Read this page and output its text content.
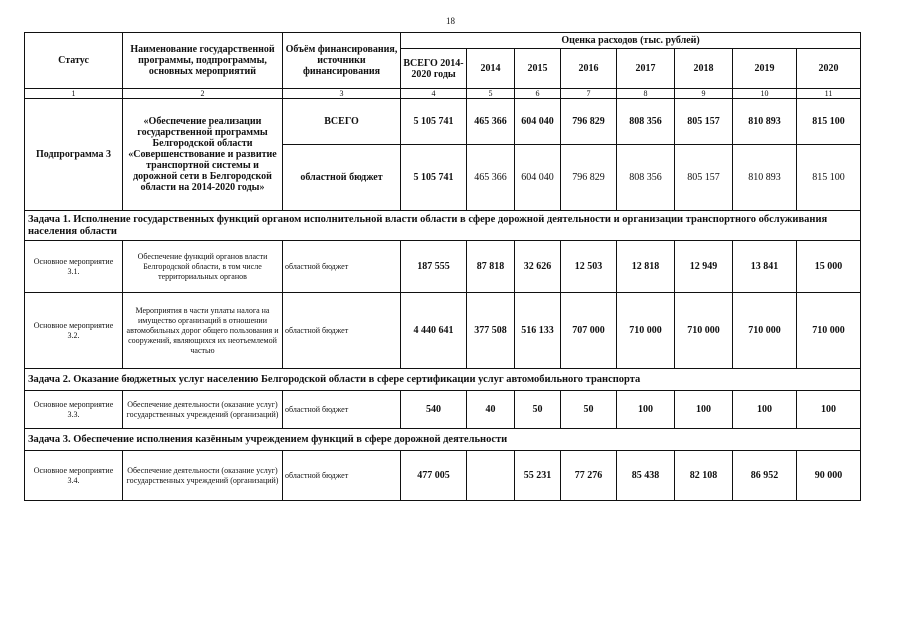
18
Статус	Наименование государственной программы, подпрограммы, основных мероприятий	Объём финансирования, источники финансирования	Оценка расходов (тыс. рублей)							
			ВСЕГО 2014-2020 годы	2014	2015	2016	2017	2018	2019	2020
1	2	3	4	5	6	7	8	9	10	11
Подпрограмма 3	«Обеспечение реализации государственной программы Белгородской области «Совершенствование и развитие транспортной системы и дорожной сети в Белгородской области на 2014-2020 годы»	ВСЕГО	5 105 741	465 366	604 040	796 829	808 356	805 157	810 893	815 100
		областной бюджет	5 105 741	465 366	604 040	796 829	808 356	805 157	810 893	815 100
Задача 1. Исполнение государственных функций органом исполнительной власти области в сфере дорожной деятельности и организации транспортного обслуживания населения области										
Основное мероприятие 3.1.	Обеспечение функций органов власти Белгородской области, в том числе территориальных органов	областной бюджет	187 555	87 818	32 626	12 503	12 818	12 949	13 841	15 000
Основное мероприятие 3.2.	Мероприятия в части уплаты налога на имущество организаций в отношении автомобильных дорог общего пользования и сооружений, являющихся их неотъемлемой частью	областной бюджет	4 440 641	377 508	516 133	707 000	710 000	710 000	710 000	710 000
Задача 2. Оказание бюджетных услуг населению Белгородской области в сфере сертификации услуг автомобильного транспорта										
Основное мероприятие 3.3.	Обеспечение деятельности (оказание услуг) государственных учреждений (организаций)	областной бюджет	540	40	50	50	100	100	100	100
Задача 3. Обеспечение исполнения казённым учреждением функций в сфере дорожной деятельности										
Основное мероприятие 3.4.	Обеспечение деятельности (оказание услуг) государственных учреждений (организаций)	областной бюджет	477 005		55 231	77 276	85 438	82 108	86 952	90 000
